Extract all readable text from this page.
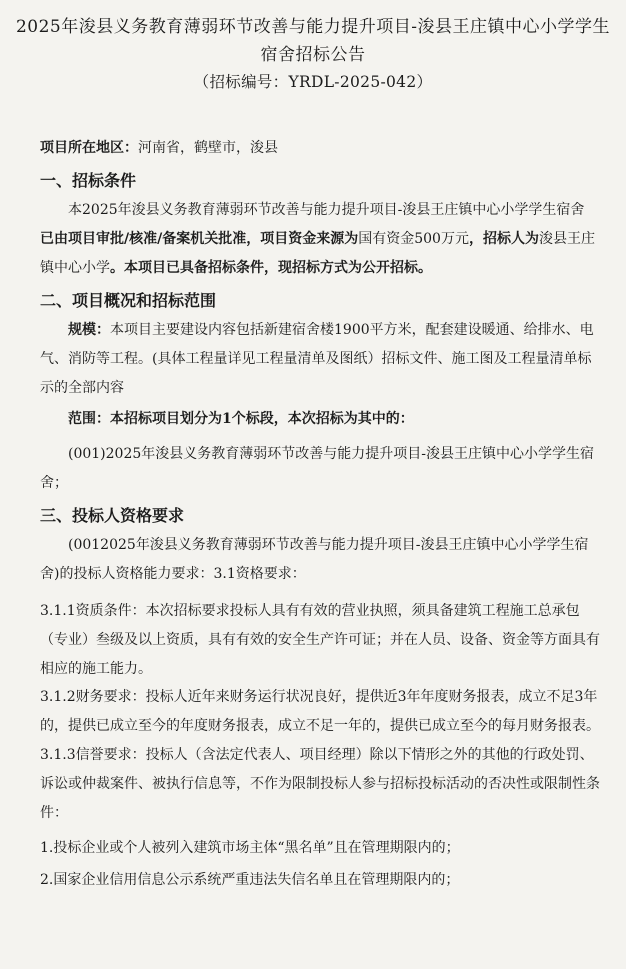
2025年浚县义务教育薄弱环节改善与能力提升项目-浚县王庄镇中心小学学生

宿舍招标公告

（招标编号：YRDL-2025-042）

项目所在地区：河南省，鹤壁市，浚县

一、招标条件

本2025年浚县义务教育薄弱环节改善与能力提升项目-浚县王庄镇中心小学学生宿舍已由项目审批/核准/备案机关批准，项目资金来源为国有资金500万元，招标人为浚县王庄镇中心小学。本项目已具备招标条件，现招标方式为公开招标。

二、项目概况和招标范围

规模：本项目主要建设内容包括新建宿舍楼1900平方米，配套建设暖通、给排水、电气、消防等工程。(具体工程量详见工程量清单及图纸）招标文件、施工图及工程量清单标示的全部内容

范围：本招标项目划分为1个标段，本次招标为其中的：

(001)2025年浚县义务教育薄弱环节改善与能力提升项目-浚县王庄镇中心小学学生宿舍；

三、投标人资格要求

(0012025年浚县义务教育薄弱环节改善与能力提升项目-浚县王庄镇中心小学学生宿舍)的投标人资格能力要求：3.1资格要求：

3.1.1资质条件：本次招标要求投标人具有有效的营业执照，须具备建筑工程施工总承包（专业）叁级及以上资质，具有有效的安全生产许可证；并在人员、设备、资金等方面具有相应的施工能力。

3.1.2财务要求：投标人近年来财务运行状况良好，提供近3年年度财务报表，成立不足3年的，提供已成立至今的年度财务报表，成立不足一年的，提供已成立至今的每月财务报表。

3.1.3信誉要求：投标人（含法定代表人、项目经理）除以下情形之外的其他的行政处罚、诉讼或仲裁案件、被执行信息等，不作为限制投标人参与招标投标活动的否决性或限制性条件：

1.投标企业或个人被列入建筑市场主体“黑名单”且在管理期限内的；

2.国家企业信用信息公示系统严重违法失信名单且在管理期限内的；
